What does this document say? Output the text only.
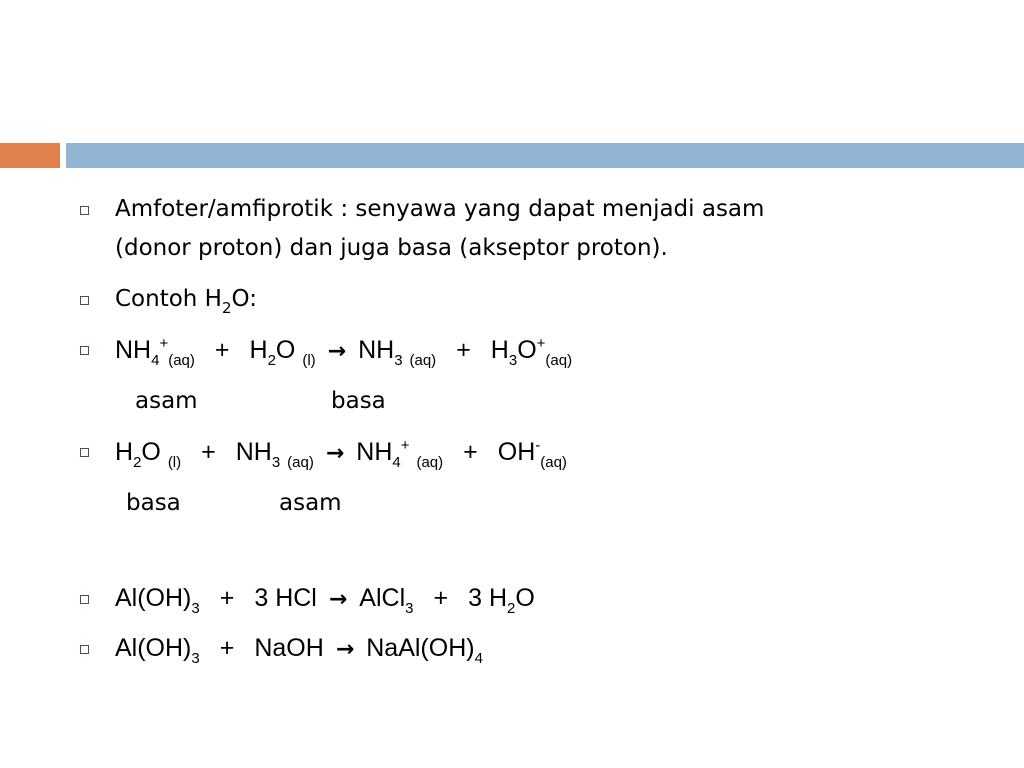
Amfoter/amfiprotik : senyawa yang dapat menjadi asam
(donor proton) dan juga basa (akseptor proton).
Contoh $H_2O$:
$NH_4^+_{(aq)} + H_2O$ $_{(l)} \to NH_3$ $_{(aq)} + H_3O^+_{(aq)}$
asam	basa
$H_2O$ $_{(l)} + NH_3$ $_{(aq)} \to NH_4^+$ $_{(aq)} + OH^-_{(aq)}$
basa	asam
$Al(OH)_3 + 3$ HCl → AlCl$_3$ + 3 $H_2O$
$Al(OH)_3$ + NaOH → $NaAl(OH)_4$
